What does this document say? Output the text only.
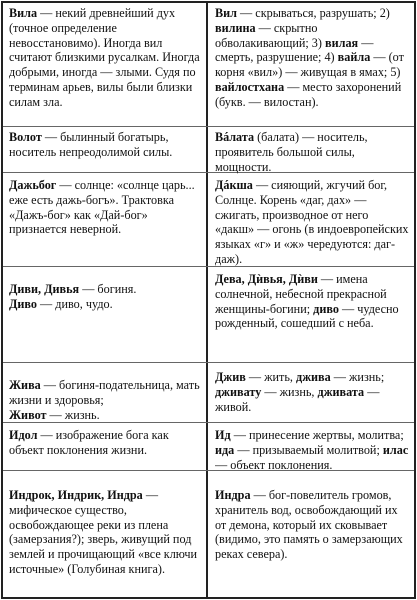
Вила — некий древнейший дух (точное определение невосстановимо). Иногда вил считают близкими русалкам. Иногда добрыми, иногда — злыми. Судя по терминам арьев, вилы были близки силам зла.

Вил — скрываться, разрушать; 2) вилина — скрытно обволакивающий; 3) вилая — смерть, разрушение; 4) вайла — (от корня «вил») — живущая в ямах; 5) вайлостхана — место захоронений (букв. — вилостан).

Волот — былинный богатырь, носитель непреодолимой силы.

Вáлата (балата) — носитель, проявитель большой силы, мощности.

Дажьбог — солнце: «солнце царь... еже есть дажь-богъ». Трактовка «Дажъ-бог» как «Дай-бог» признается неверной.

Дáкша — сияющий, жгучий бог, Солнце. Корень «даг, дах» — сжигать, производное от него «дакш» — огонь (в индоевропейских языках «г» и «ж» чередуются: даг-даж).

Диви, Дивья — богиня.
Диво — диво, чудо.

Дева, Дѝвья, Дѝви — имена солнечной, небесной прекрасной женщины-богини; диво — чудесно рожденный, сошедший с неба.

Жива — богиня-подательница, мать жизни и здоровья;
Живот — жизнь.

Джив — жить, джива — жизнь; дживату — жизнь, дживата — живой.

Идол — изображение бога как объект поклонения жизни.

Ид — принесение жертвы, молитва; ида — призываемый молитвой; илас — объект поклонения.

Индрок, Индрик, Индра — мифическое существо, освобождающее реки из плена (замерзания?); зверь, живущий под землей и прочищающий «все ключи источные» (Голубиная книга).

Индра — бог-повелитель громов, хранитель вод, освобождающий их от демона, который их сковывает (видимо, это память о замерзающих реках севера).
